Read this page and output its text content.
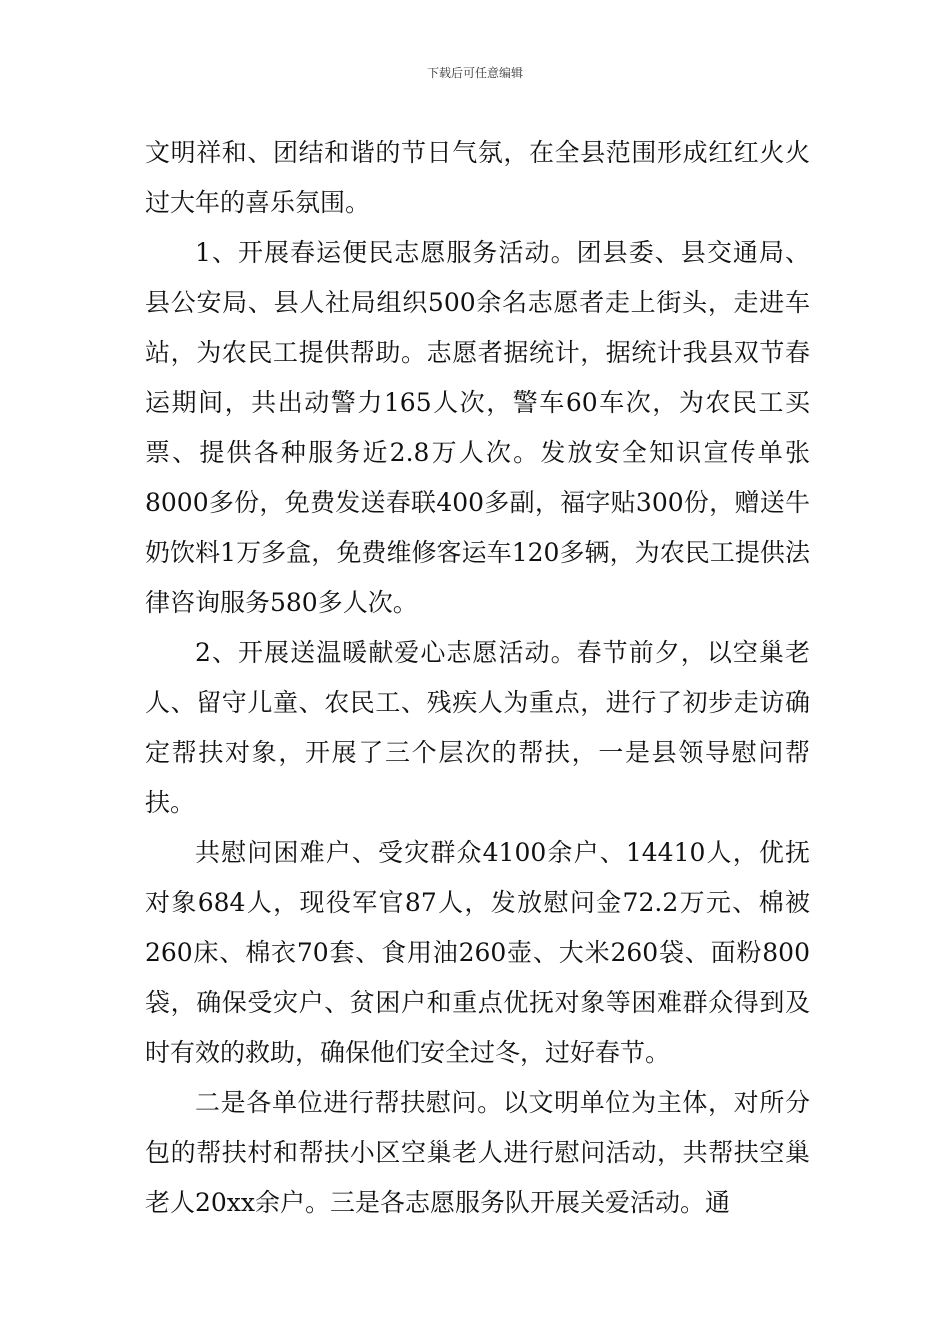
下载后可任意编辑

文明祥和、团结和谐的节日气氛，在全县范围形成红红火火过大年的喜乐氛围。

1、开展春运便民志愿服务活动。团县委、县交通局、县公安局、县人社局组织500余名志愿者走上街头，走进车站，为农民工提供帮助。志愿者据统计，据统计我县双节春运期间，共出动警力165人次，警车60车次，为农民工买票、提供各种服务近2.8万人次。发放安全知识宣传单张8000多份，免费发送春联400多副，福字贴300份，赠送牛奶饮料1万多盒，免费维修客运车120多辆，为农民工提供法律咨询服务580多人次。

2、开展送温暖献爱心志愿活动。春节前夕，以空巢老人、留守儿童、农民工、残疾人为重点，进行了初步走访确定帮扶对象，开展了三个层次的帮扶，一是县领导慰问帮扶。

共慰问困难户、受灾群众4100余户、14410人，优抚对象684人，现役军官87人，发放慰问金72.2万元、棉被260床、棉衣70套、食用油260壶、大米260袋、面粉800袋，确保受灾户、贫困户和重点优抚对象等困难群众得到及时有效的救助，确保他们安全过冬，过好春节。

二是各单位进行帮扶慰问。以文明单位为主体，对所分包的帮扶村和帮扶小区空巢老人进行慰问活动，共帮扶空巢老人20xx余户。三是各志愿服务队开展关爱活动。通
